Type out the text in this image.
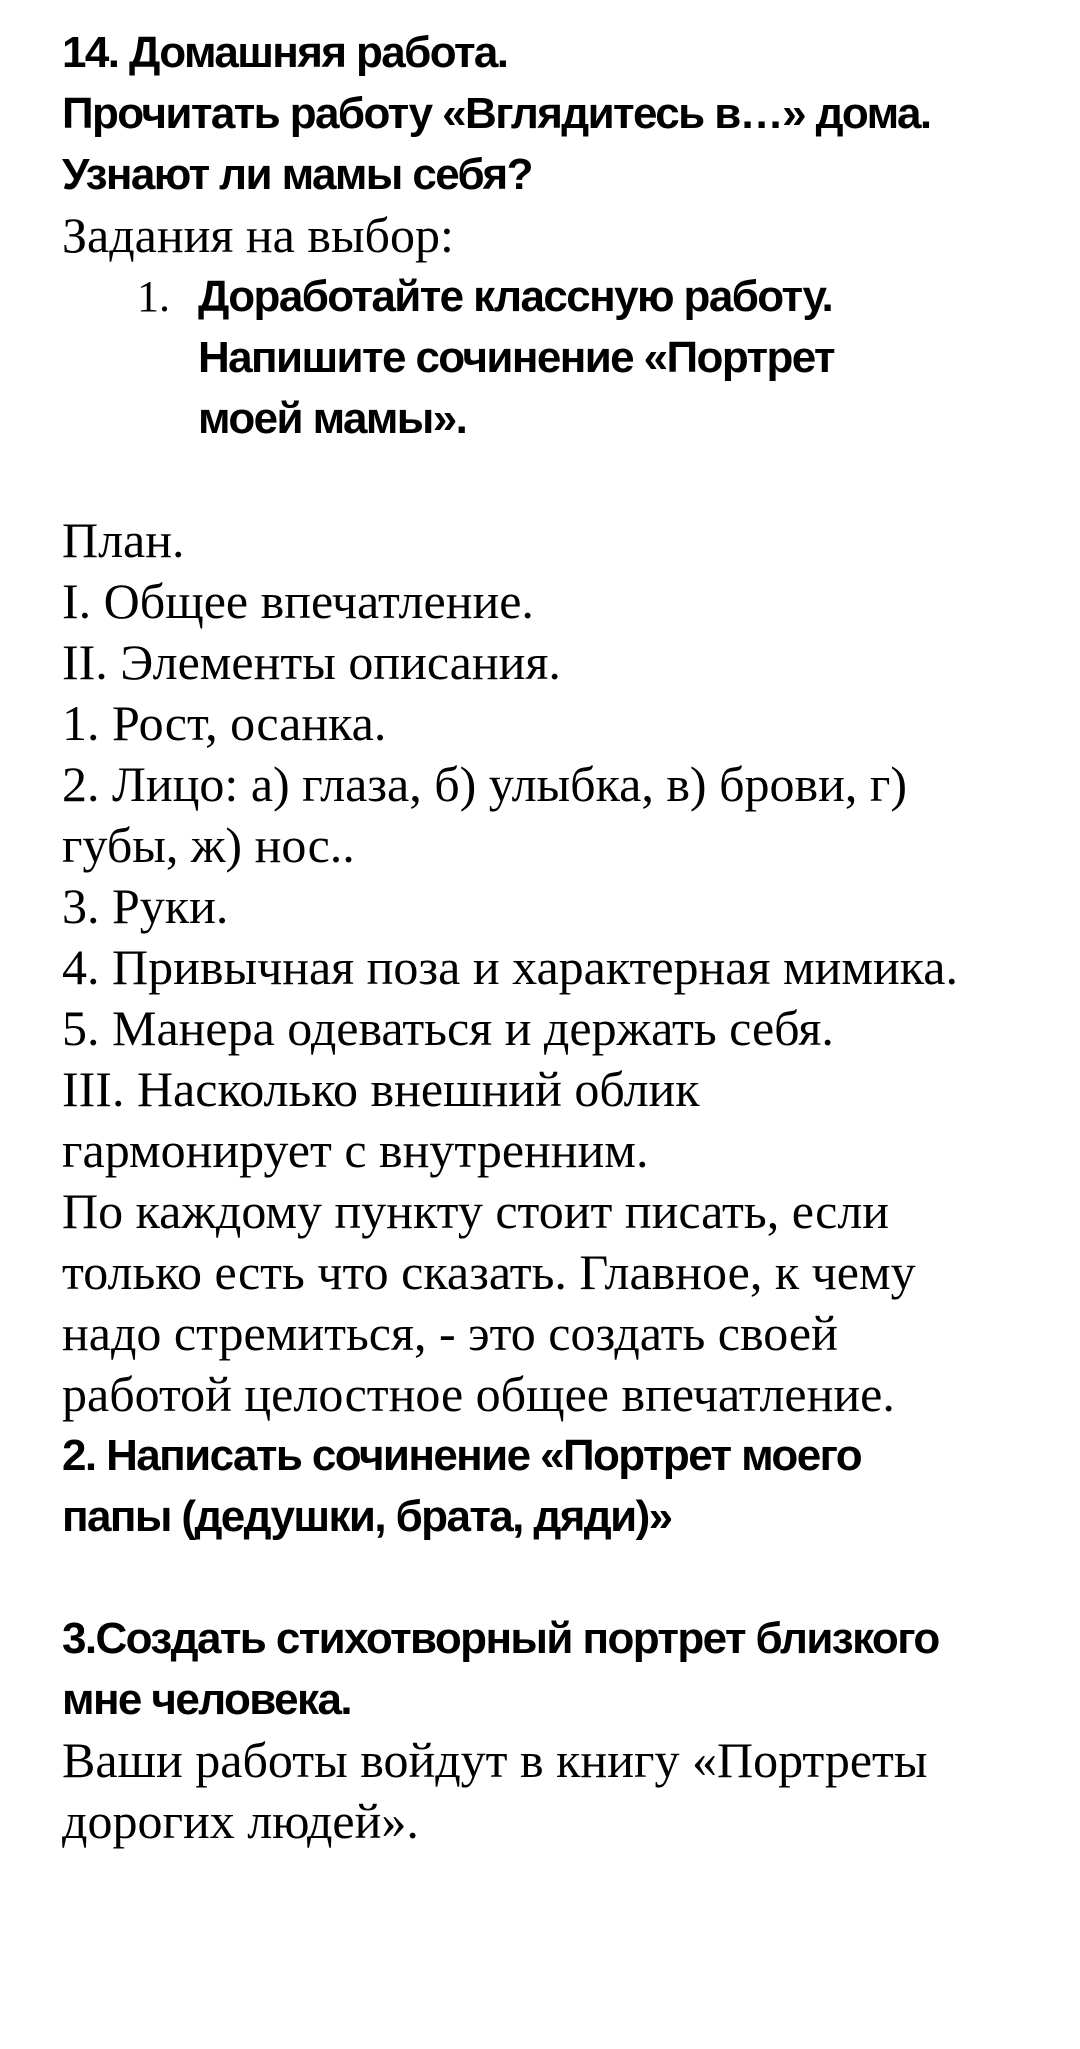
14. Домашняя работа.

Прочитать работу «Вглядитесь в…» дома.

Узнают ли мамы себя?

Задания на выбор:

1. Доработайте классную работу.

Напишите сочинение «Портрет

моей мамы».

План.

I. Общее впечатление.

II. Элементы описания.

1. Рост, осанка.

2. Лицо: а) глаза, б) улыбка, в) брови, г)

губы, ж) нос..

3. Руки.

4. Привычная поза и характерная мимика.

5. Манера одеваться и держать себя.

III. Насколько внешний облик

гармонирует с внутренним.

По каждому пункту стоит писать, если

только есть что сказать. Главное, к чему

надо стремиться, - это создать своей

работой целостное общее впечатление.

2. Написать сочинение «Портрет моего

папы (дедушки, брата, дяди)»

3.Создать стихотворный портрет близкого

мне человека.

Ваши работы войдут в книгу «Портреты

дорогих людей».
